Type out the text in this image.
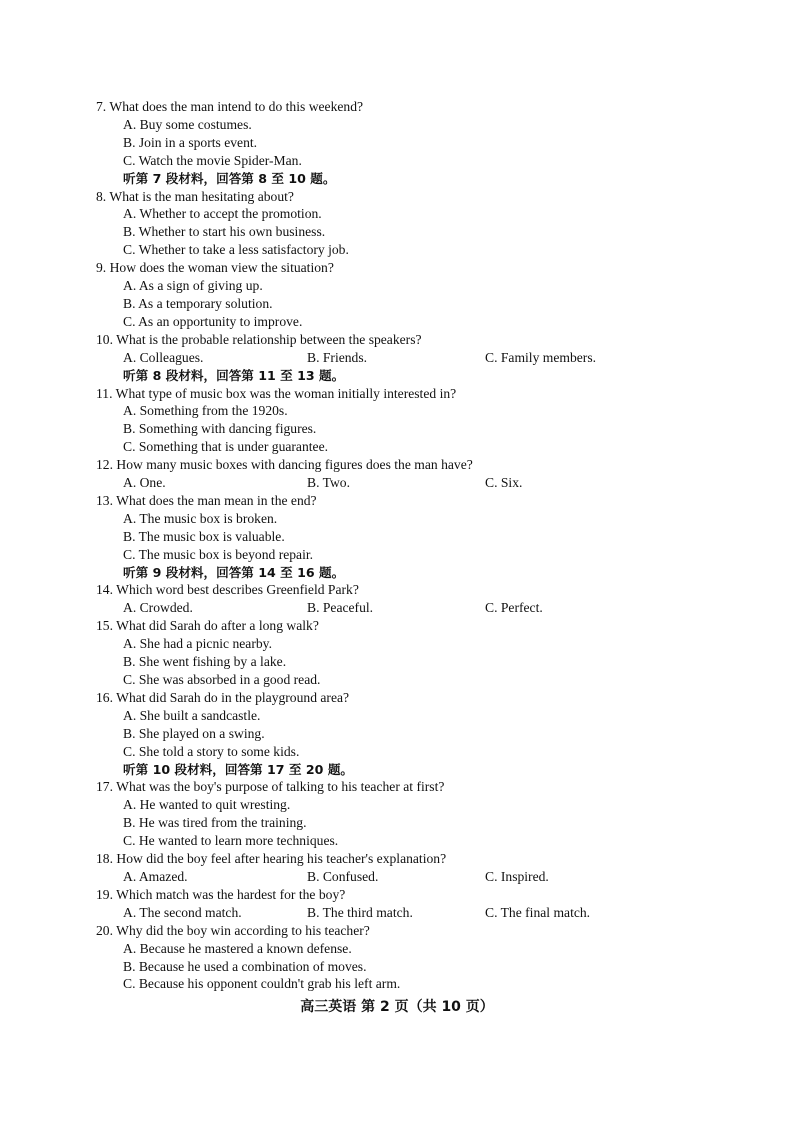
7. What does the man intend to do this weekend?
A. Buy some costumes.
B. Join in a sports event.
C. Watch the movie Spider-Man.
听第 7 段材料，回答第 8 至 10 题。
8. What is the man hesitating about?
A. Whether to accept the promotion.
B. Whether to start his own business.
C. Whether to take a less satisfactory job.
9. How does the woman view the situation?
A. As a sign of giving up.
B. As a temporary solution.
C. As an opportunity to improve.
10. What is the probable relationship between the speakers?
A. Colleagues.	B. Friends.	C. Family members.
听第 8 段材料，回答第 11 至 13 题。
11. What type of music box was the woman initially interested in?
A. Something from the 1920s.
B. Something with dancing figures.
C. Something that is under guarantee.
12. How many music boxes with dancing figures does the man have?
A. One.	B. Two.	C. Six.
13. What does the man mean in the end?
A. The music box is broken.
B. The music box is valuable.
C. The music box is beyond repair.
听第 9 段材料，回答第 14 至 16 题。
14. Which word best describes Greenfield Park?
A. Crowded.	B. Peaceful.	C. Perfect.
15. What did Sarah do after a long walk?
A. She had a picnic nearby.
B. She went fishing by a lake.
C. She was absorbed in a good read.
16. What did Sarah do in the playground area?
A. She built a sandcastle.
B. She played on a swing.
C. She told a story to some kids.
听第 10 段材料，回答第 17 至 20 题。
17. What was the boy's purpose of talking to his teacher at first?
A. He wanted to quit wresting.
B. He was tired from the training.
C. He wanted to learn more techniques.
18. How did the boy feel after hearing his teacher's explanation?
A. Amazed.	B. Confused.	C. Inspired.
19. Which match was the hardest for the boy?
A. The second match.	B. The third match.	C. The final match.
20. Why did the boy win according to his teacher?
A. Because he mastered a known defense.
B. Because he used a combination of moves.
C. Because his opponent couldn't grab his left arm.
高三英语 第 2 页（共 10 页）
